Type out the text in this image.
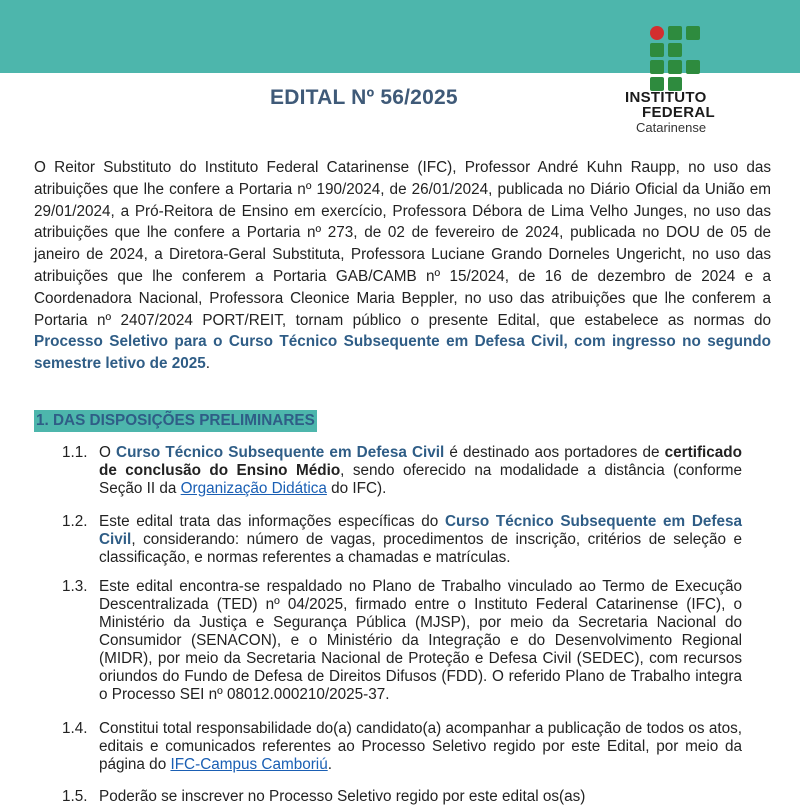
EDITAL Nº 56/2025	INSTITUTO
FEDERAL
Catarinense

O Reitor Substituto do Instituto Federal Catarinense (IFC), Professor André Kuhn Raupp, no uso das atribuições que lhe confere a Portaria nº 190/2024, de 26/01/2024, publicada no Diário Oficial da União em 29/01/2024, a Pró-Reitora de Ensino em exercício, Professora Débora de Lima Velho Junges, no uso das atribuições que lhe confere a Portaria nº 273, de 02 de fevereiro de 2024, publicada no DOU de 05 de janeiro de 2024, a Diretora-Geral Substituta, Professora Luciane Grando Dorneles Ungericht, no uso das atribuições que lhe conferem a Portaria GAB/CAMB nº 15/2024, de 16 de dezembro de 2024 e a Coordenadora Nacional, Professora Cleonice Maria Beppler, no uso das atribuições que lhe conferem a Portaria nº 2407/2024 PORT/REIT, tornam público o presente Edital, que estabelece as normas do Processo Seletivo para o Curso Técnico Subsequente em Defesa Civil, com ingresso no segundo semestre letivo de 2025.

1. DAS DISPOSIÇÕES PRELIMINARES
1.1. O Curso Técnico Subsequente em Defesa Civil é destinado aos portadores de certificado de conclusão do Ensino Médio, sendo oferecido na modalidade a distância (conforme Seção II da Organização Didática do IFC).
1.2. Este edital trata das informações específicas do Curso Técnico Subsequente em Defesa Civil, considerando: número de vagas, procedimentos de inscrição, critérios de seleção e classificação, e normas referentes a chamadas e matrículas.
1.3. Este edital encontra-se respaldado no Plano de Trabalho vinculado ao Termo de Execução Descentralizada (TED) nº 04/2025, firmado entre o Instituto Federal Catarinense (IFC), o Ministério da Justiça e Segurança Pública (MJSP), por meio da Secretaria Nacional do Consumidor (SENACON), e o Ministério da Integração e do Desenvolvimento Regional (MIDR), por meio da Secretaria Nacional de Proteção e Defesa Civil (SEDEC), com recursos oriundos do Fundo de Defesa de Direitos Difusos (FDD). O referido Plano de Trabalho integra o Processo SEI nº 08012.000210/2025-37.
1.4. Constitui total responsabilidade do(a) candidato(a) acompanhar a publicação de todos os atos, editais e comunicados referentes ao Processo Seletivo regido por este Edital, por meio da página do IFC-Campus Camboriú.
1.5. Poderão se inscrever no Processo Seletivo regido por este edital os(as)
